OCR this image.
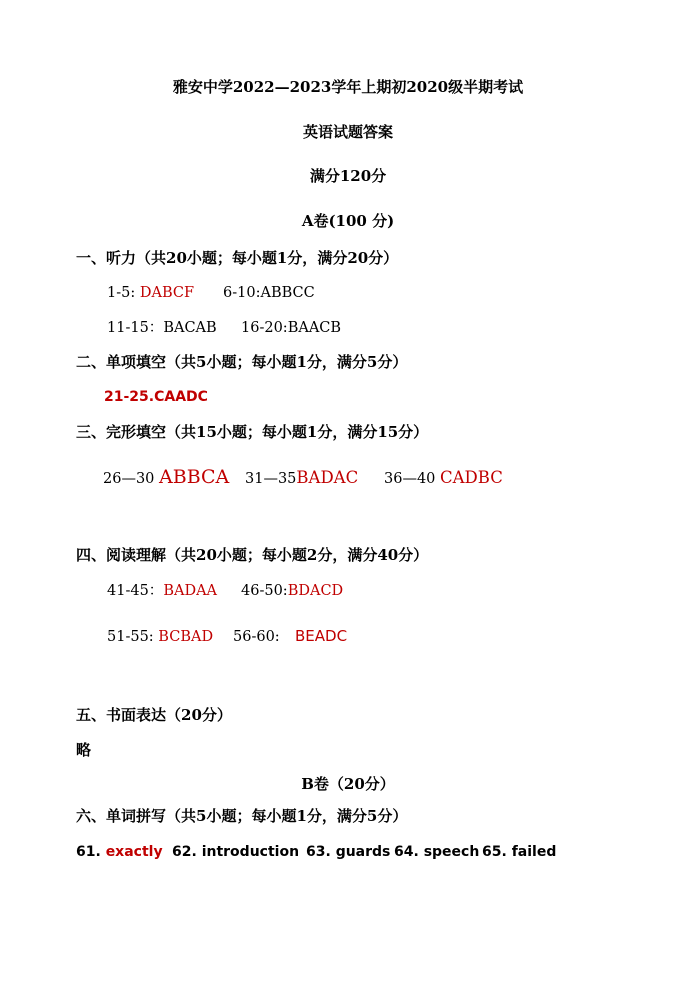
雅安中学2022—2023学年上期初2020级半期考试
英语试题答案
满分120分
A卷(100 分)
一、听力（共20小题；每小题1分，满分20分）
1-5: DABCF 6-10:ABBCC
11-15：BACAB 16-20:BAACB
二、单项填空（共5小题；每小题1分，满分5分）
21-25.CAADC
三、完形填空（共15小题；每小题1分，满分15分）
26—30 ABBCA 31—35BADAC 36—40 CADBC
四、阅读理解（共20小题；每小题2分，满分40分）
41-45：BADAA 46-50:BDACD
51-55: BCBAD 56-60: BEADC
五、书面表达（20分）
略
B卷（20分）
六、单词拼写（共5小题；每小题1分，满分5分）
61. exactly 62. introduction 63. guards 64. speech 65. failed
